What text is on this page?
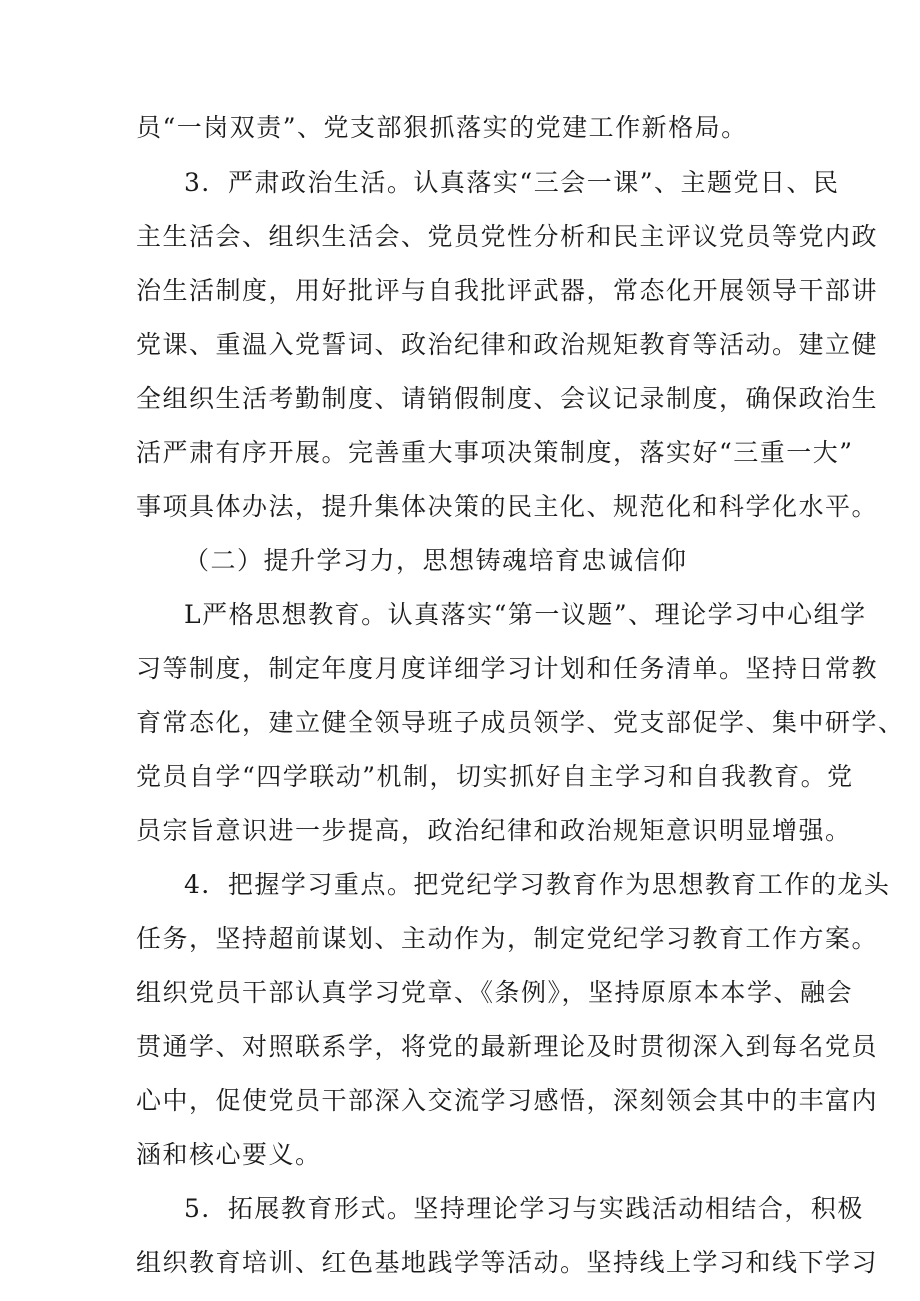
员“一岗双责”、党支部狠抓落实的党建工作新格局。
3．严肃政治生活。认真落实“三会一课”、主题党日、民
主生活会、组织生活会、党员党性分析和民主评议党员等党内政
治生活制度，用好批评与自我批评武器，常态化开展领导干部讲
党课、重温入党誓词、政治纪律和政治规矩教育等活动。建立健
全组织生活考勤制度、请销假制度、会议记录制度，确保政治生
活严肃有序开展。完善重大事项决策制度，落实好“三重一大”
事项具体办法，提升集体决策的民主化、规范化和科学化水平。
（二）提升学习力，思想铸魂培育忠诚信仰
L严格思想教育。认真落实“第一议题”、理论学习中心组学
习等制度，制定年度月度详细学习计划和任务清单。坚持日常教
育常态化，建立健全领导班子成员领学、党支部促学、集中研学、
党员自学“四学联动”机制，切实抓好自主学习和自我教育。党
员宗旨意识进一步提高，政治纪律和政治规矩意识明显增强。
4．把握学习重点。把党纪学习教育作为思想教育工作的龙头
任务，坚持超前谋划、主动作为，制定党纪学习教育工作方案。
组织党员干部认真学习党章、《条例》，坚持原原本本学、融会
贯通学、对照联系学，将党的最新理论及时贯彻深入到每名党员
心中，促使党员干部深入交流学习感悟，深刻领会其中的丰富内
涵和核心要义。
5．拓展教育形式。坚持理论学习与实践活动相结合，积极
组织教育培训、红色基地践学等活动。坚持线上学习和线下学习
